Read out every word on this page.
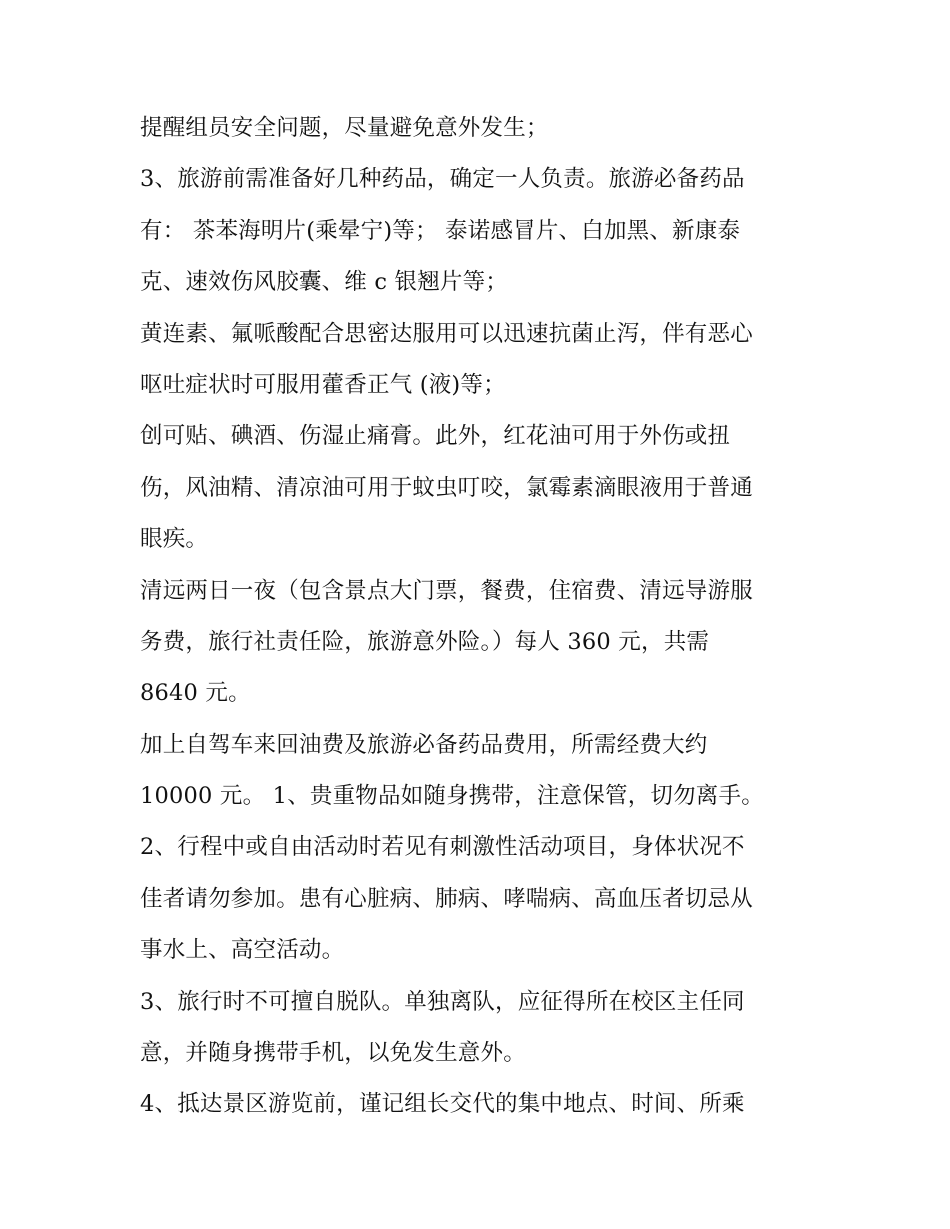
提醒组员安全问题，尽量避免意外发生；
3、旅游前需准备好几种药品，确定一人负责。旅游必备药品
有： 茶苯海明片(乘晕宁)等； 泰诺感冒片、白加黑、新康泰
克、速效伤风胶囊、维 c 银翘片等；
黄连素、氟哌酸配合思密达服用可以迅速抗菌止泻，伴有恶心
呕吐症状时可服用藿香正气 (液)等；
创可贴、碘酒、伤湿止痛膏。此外，红花油可用于外伤或扭
伤，风油精、清凉油可用于蚊虫叮咬，氯霉素滴眼液用于普通
眼疾。
清远两日一夜（包含景点大门票，餐费，住宿费、清远导游服
务费，旅行社责任险，旅游意外险。）每人 360 元，共需
8640 元。
加上自驾车来回油费及旅游必备药品费用，所需经费大约
10000 元。 1、贵重物品如随身携带，注意保管，切勿离手。
2、行程中或自由活动时若见有刺激性活动项目，身体状况不
佳者请勿参加。患有心脏病、肺病、哮喘病、高血压者切忌从
事水上、高空活动。
3、旅行时不可擅自脱队。单独离队，应征得所在校区主任同
意，并随身携带手机，以免发生意外。
4、抵达景区游览前，谨记组长交代的集中地点、时间、所乘
